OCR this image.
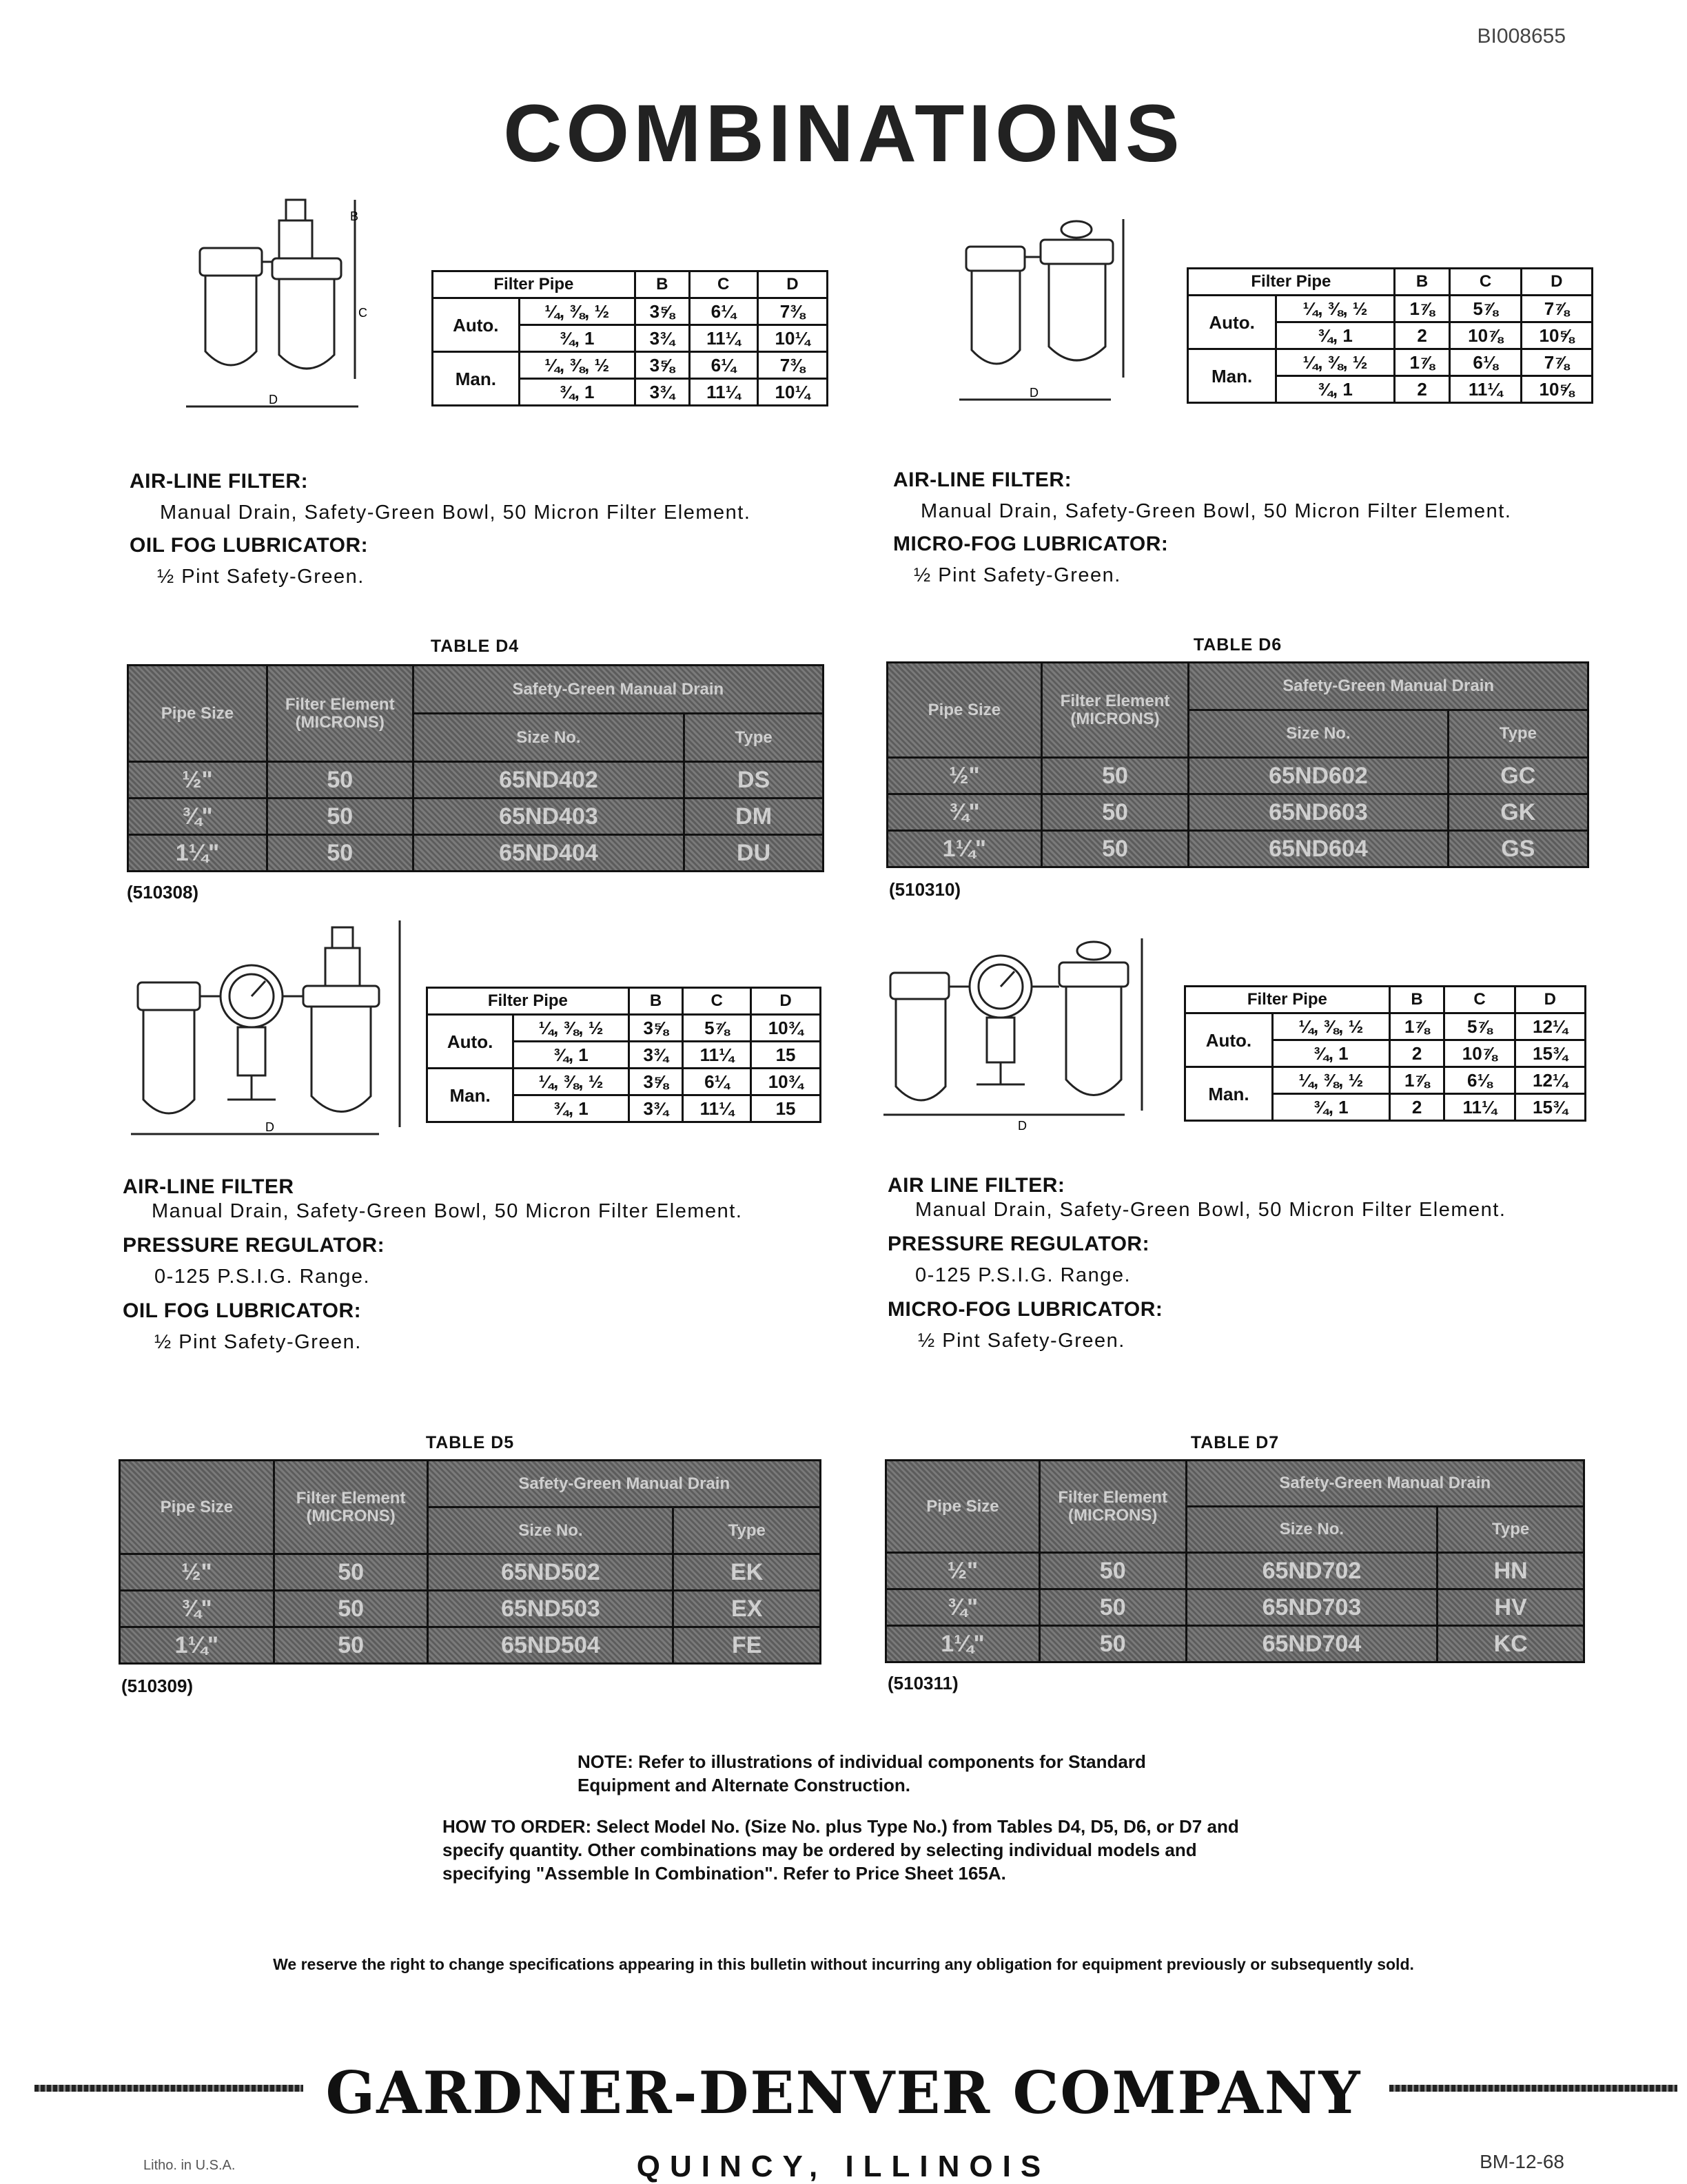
BI008655
COMBINATIONS
B
C
D
Filter Pipe		B	C	D
Auto.	¼, ⅜, ½	3⅝	6¼	7⅜
	¾, 1	3¾	11¼	10¼
Man.	¼, ⅜, ½	3⅝	6¼	7⅜
	¾, 1	3¾	11¼	10¼
AIR-LINE FILTER:
Manual Drain, Safety-Green Bowl, 50 Micron Filter Element.
OIL FOG LUBRICATOR:
½ Pint Safety-Green.
TABLE D4
Pipe Size	Filter Element (MICRONS)	Safety-Green Manual Drain	
		Size No.	Type
½"	50	65ND402	DS
¾"	50	65ND403	DM
1¼"	50	65ND404	DU
(510308)
D
Filter Pipe		B	C	D
Auto.	¼, ⅜, ½	1⅞	5⅞	7⅞
	¾, 1	2	10⅞	10⅝
Man.	¼, ⅜, ½	1⅞	6⅛	7⅞
	¾, 1	2	11¼	10⅝
AIR-LINE FILTER:
Manual Drain, Safety-Green Bowl, 50 Micron Filter Element.
MICRO-FOG LUBRICATOR:
½ Pint Safety-Green.
TABLE D6
Pipe Size	Filter Element (MICRONS)	Safety-Green Manual Drain	
		Size No.	Type
½"	50	65ND602	GC
¾"	50	65ND603	GK
1¼"	50	65ND604	GS
(510310)
D
Filter Pipe		B	C	D
Auto.	¼, ⅜, ½	3⅝	5⅞	10¾
	¾, 1	3¾	11¼	15
Man.	¼, ⅜, ½	3⅝	6¼	10¾
	¾, 1	3¾	11¼	15
AIR-LINE FILTER
Manual Drain, Safety-Green Bowl, 50 Micron Filter Element.
PRESSURE REGULATOR:
0-125 P.S.I.G. Range.
OIL FOG LUBRICATOR:
½ Pint Safety-Green.
TABLE D5
Pipe Size	Filter Element (MICRONS)	Safety-Green Manual Drain	
		Size No.	Type
½"	50	65ND502	EK
¾"	50	65ND503	EX
1¼"	50	65ND504	FE
(510309)
D
Filter Pipe		B	C	D
Auto.	¼, ⅜, ½	1⅞	5⅞	12¼
	¾, 1	2	10⅞	15¾
Man.	¼, ⅜, ½	1⅞	6⅛	12¼
	¾, 1	2	11¼	15¾
AIR LINE FILTER:
Manual Drain, Safety-Green Bowl, 50 Micron Filter Element.
PRESSURE REGULATOR:
0-125 P.S.I.G. Range.
MICRO-FOG LUBRICATOR:
½ Pint Safety-Green.
TABLE D7
Pipe Size	Filter Element (MICRONS)	Safety-Green Manual Drain	
		Size No.	Type
½"	50	65ND702	HN
¾"	50	65ND703	HV
1¼"	50	65ND704	KC
(510311)
NOTE: Refer to illustrations of individual components for Standard Equipment and Alternate Construction.
HOW TO ORDER: Select Model No. (Size No. plus Type No.) from Tables D4, D5, D6, or D7 and specify quantity. Other combinations may be ordered by selecting individual models and specifying "Assemble In Combination". Refer to Price Sheet 165A.
We reserve the right to change specifications appearing in this bulletin without incurring any obligation for equipment previously or subsequently sold.
GARDNER-DENVER COMPANY
Litho. in U.S.A.	QUINCY, ILLINOIS	BM-12-68
